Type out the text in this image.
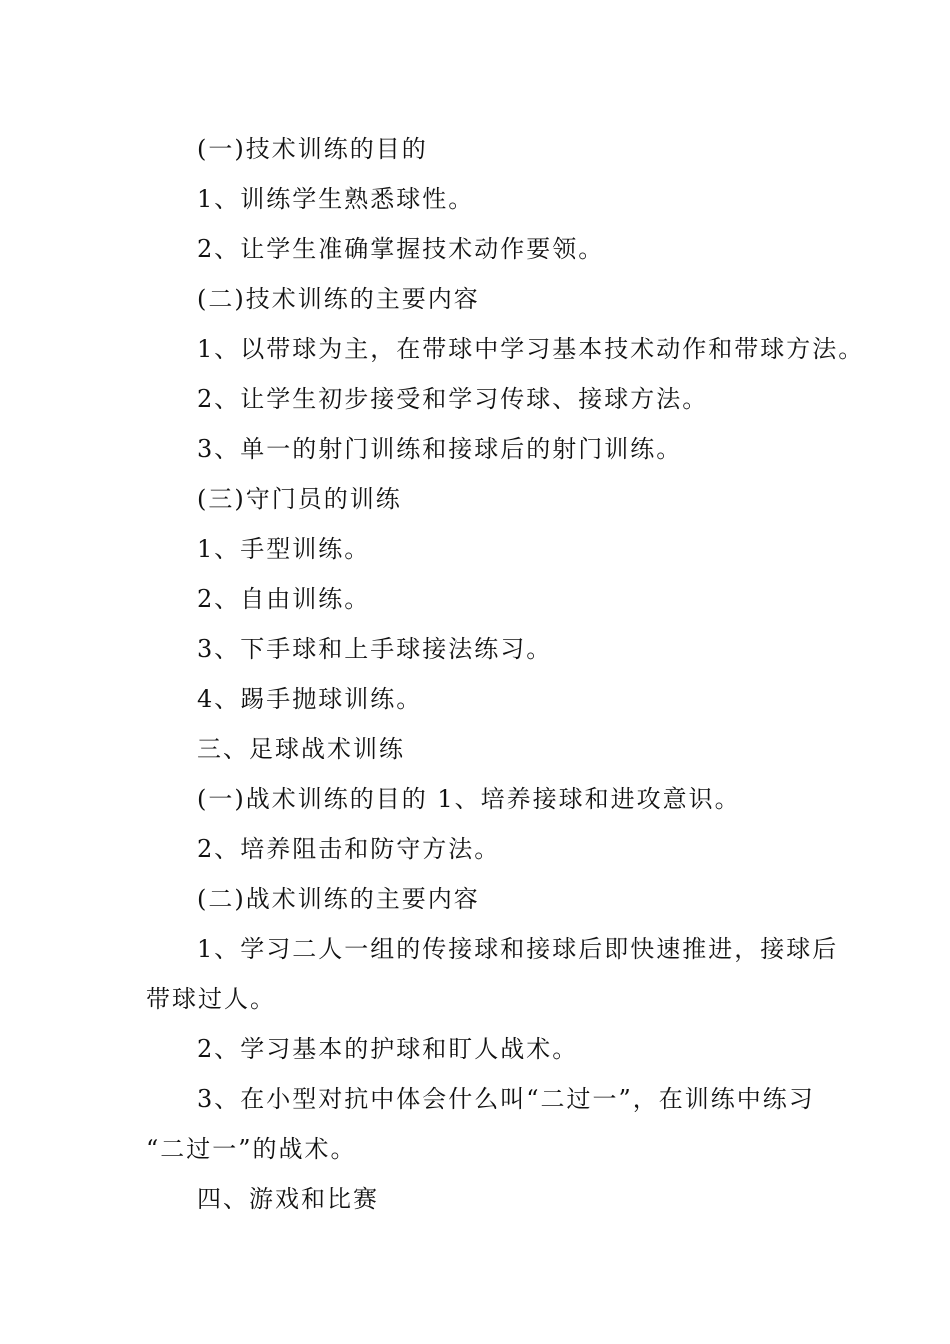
(一)技术训练的目的
1、训练学生熟悉球性。
2、让学生准确掌握技术动作要领。
(二)技术训练的主要内容
1、以带球为主，在带球中学习基本技术动作和带球方法。
2、让学生初步接受和学习传球、接球方法。
3、单一的射门训练和接球后的射门训练。
(三)守门员的训练
1、手型训练。
2、自由训练。
3、下手球和上手球接法练习。
4、踢手抛球训练。
三、足球战术训练
(一)战术训练的目的 1、培养接球和进攻意识。
2、培养阻击和防守方法。
(二)战术训练的主要内容
1、学习二人一组的传接球和接球后即快速推进，接球后
带球过人。
2、学习基本的护球和盯人战术。
3、在小型对抗中体会什么叫“二过一”，在训练中练习
“二过一”的战术。
四、游戏和比赛
